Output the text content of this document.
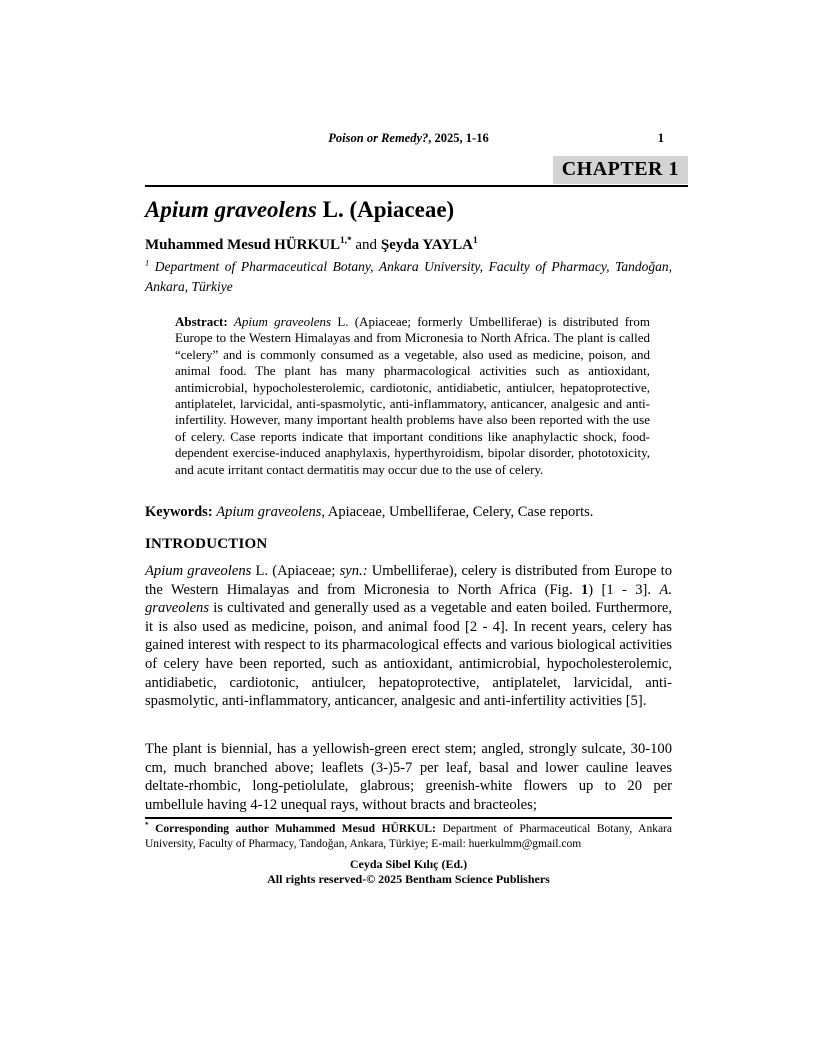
Poison or Remedy?, 2025, 1-16	1
CHAPTER 1
Apium graveolens L. (Apiaceae)
Muhammed Mesud $HÜRKUL^{1,*}$ and Şeyda YAYLA$^1$
$^1$ Department of Pharmaceutical Botany, Ankara University, Faculty of Pharmacy, Tandoğan, Ankara, Türkiye
Abstract: Apium graveolens L. (Apiaceae; formerly Umbelliferae) is distributed from Europe to the Western Himalayas and from Micronesia to North Africa. The plant is called “celery” and is commonly consumed as a vegetable, also used as medicine, poison, and animal food. The plant has many pharmacological activities such as antioxidant, antimicrobial, hypocholesterolemic, cardiotonic, antidiabetic, antiulcer, hepatoprotective, antiplatelet, larvicidal, anti-spasmolytic, anti-inflammatory, anticancer, analgesic and anti-infertility. However, many important health problems have also been reported with the use of celery. Case reports indicate that important conditions like anaphylactic shock, food-dependent exercise-induced anaphylaxis, hyperthyroidism, bipolar disorder, phototoxicity, and acute irritant contact dermatitis may occur due to the use of celery.
Keywords: Apium graveolens, Apiaceae, Umbelliferae, Celery, Case reports.
INTRODUCTION

Apium graveolens L. (Apiaceae; syn.: Umbelliferae), celery is distributed from Europe to the Western Himalayas and from Micronesia to North Africa (Fig. 1) [1 - 3]. A. graveolens is cultivated and generally used as a vegetable and eaten boiled. Furthermore, it is also used as medicine, poison, and animal food [2 - 4]. In recent years, celery has gained interest with respect to its pharmacological effects and various biological activities of celery have been reported, such as antioxidant, antimicrobial, hypocholesterolemic, antidiabetic, cardiotonic, antiulcer, hepatoprotective, antiplatelet, larvicidal, anti-spasmolytic, anti-inflammatory, anticancer, analgesic and anti-infertility activities [5].

The plant is biennial, has a yellowish-green erect stem; angled, strongly sulcate, 30-100 cm, much branched above; leaflets (3-)5-7 per leaf, basal and lower cauline leaves deltate-rhombic, long-petiolulate, glabrous; greenish-white flowers up to 20 per umbellule having 4-12 unequal rays, without bracts and bracteoles;

* Corresponding author Muhammed Mesud HÜRKUL: Department of Pharmaceutical Botany, Ankara University, Faculty of Pharmacy, Tandoğan, Ankara, Türkiye; E-mail: huerkulmm@gmail.com
Ceyda Sibel Kılıç (Ed.)
All rights reserved-© 2025 Bentham Science Publishers
